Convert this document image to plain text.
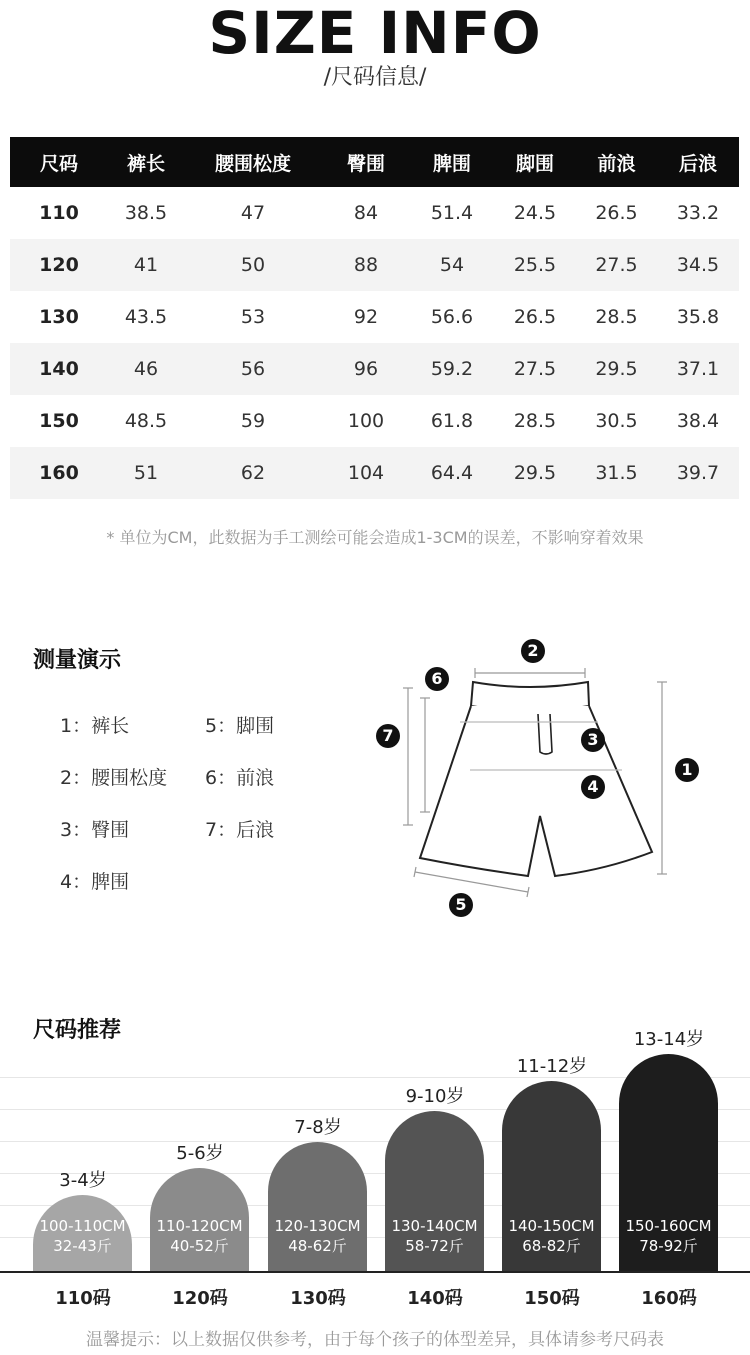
SIZE INFO
/尺码信息/
尺码	裤长	腰围松度	臀围	脾围	脚围	前浪	后浪
110	38.5	47	84	51.4	24.5	26.5	33.2
120	41	50	88	54	25.5	27.5	34.5
130	43.5	53	92	56.6	26.5	28.5	35.8
140	46	56	96	59.2	27.5	29.5	37.1
150	48.5	59	100	61.8	28.5	30.5	38.4
160	51	62	104	64.4	29.5	31.5	39.7
* 单位为CM，此数据为手工测绘可能会造成1-3CM的误差，不影响穿着效果
测量演示
1：裤长	5：脚围
2：腰围松度 6：前浪
3：臀围	7：后浪
4：脾围
2
6
7	3
1
4
5
尺码推荐
100-110CM
32-43斤
3-4岁
110码
110-120CM
40-52斤
5-6岁
120码
120-130CM
48-62斤
7-8岁
130码
130-140CM
58-72斤
9-10岁
140码
140-150CM
68-82斤
11-12岁
150码
150-160CM
78-92斤
13-14岁
160码
温馨提示：以上数据仅供参考，由于每个孩子的体型差异，具体请参考尺码表
